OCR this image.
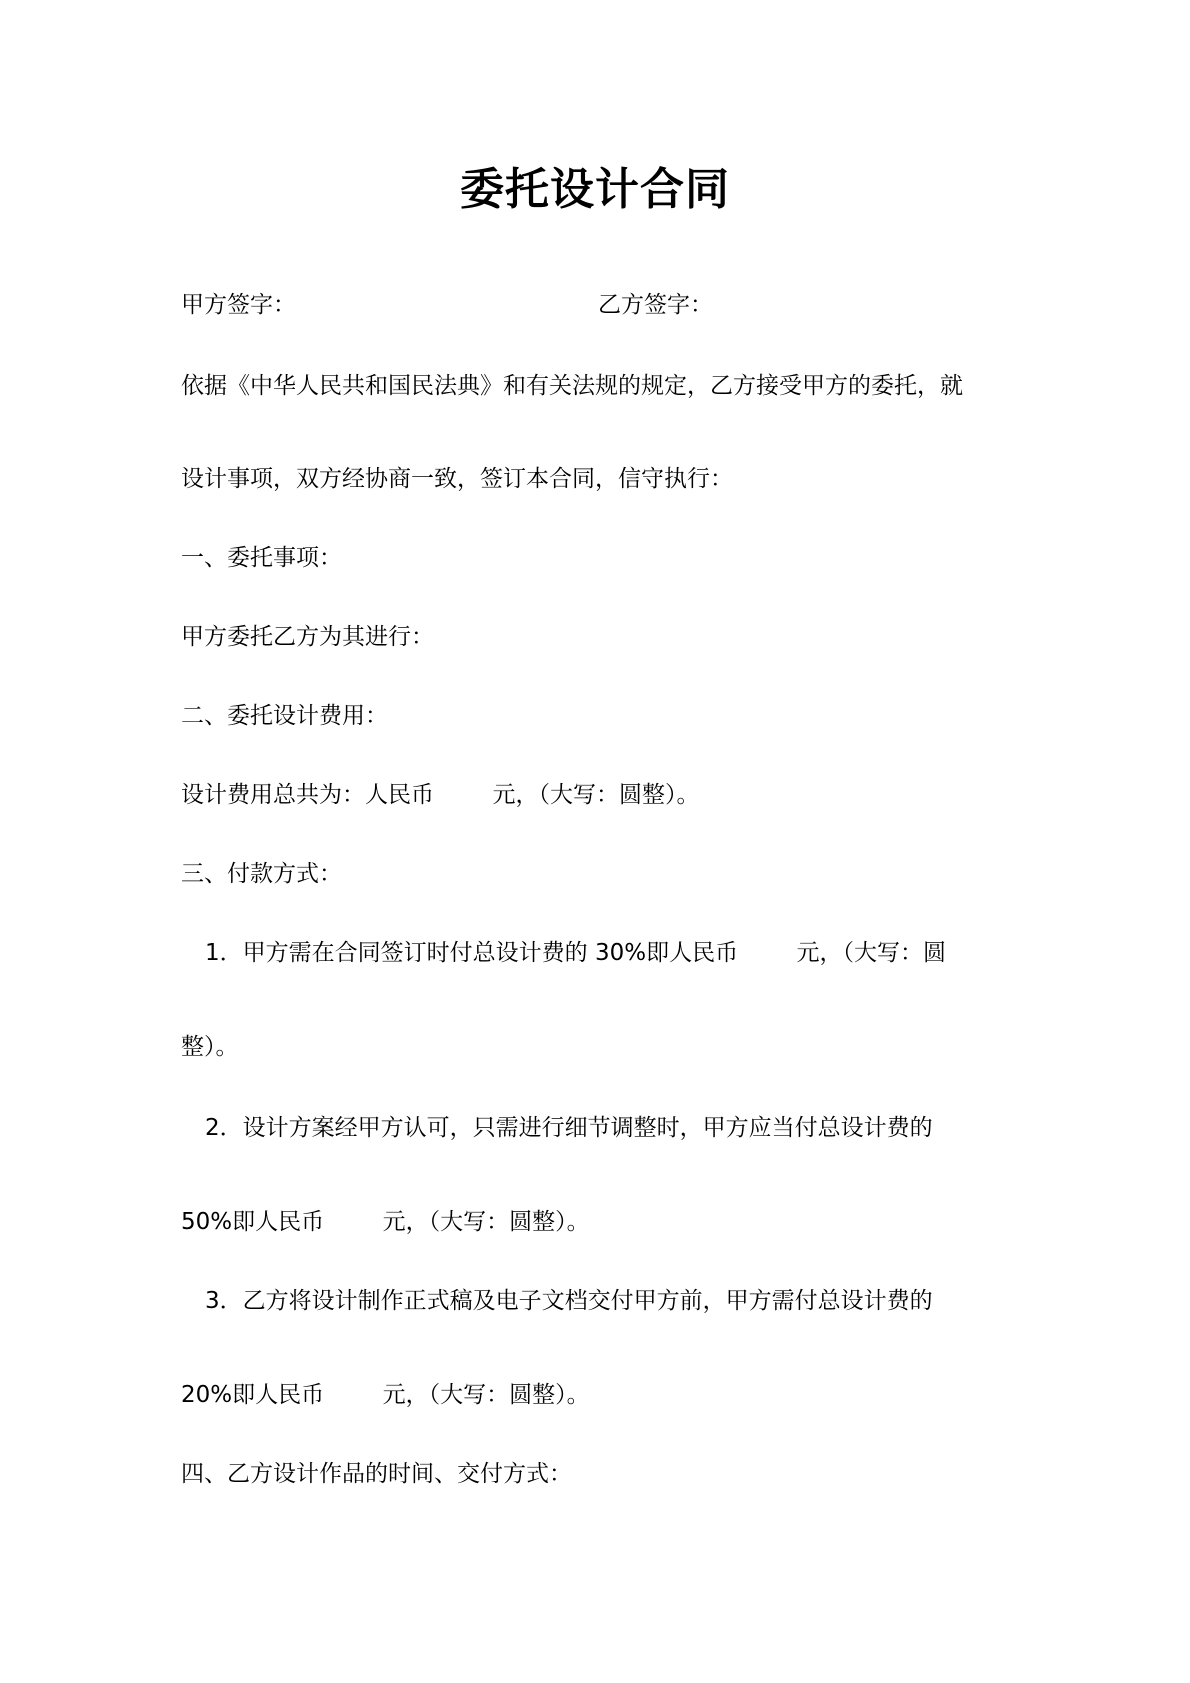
委托设计合同
甲方签字：	乙方签字：
依据《中华人民共和国民法典》和有关法规的规定，乙方接受甲方的委托，就
设计事项，双方经协商一致，签订本合同，信守执行：
一、委托事项：
甲方委托乙方为其进行：
二、委托设计费用：
设计费用总共为：人民币        元，（大写：圆整）。
三、付款方式：
1．甲方需在合同签订时付总设计费的 30%即人民币        元，（大写：圆
整）。
2．设计方案经甲方认可，只需进行细节调整时，甲方应当付总设计费的
50%即人民币        元，（大写：圆整）。
3．乙方将设计制作正式稿及电子文档交付甲方前，甲方需付总设计费的
20%即人民币        元，（大写：圆整）。
四、乙方设计作品的时间、交付方式：
